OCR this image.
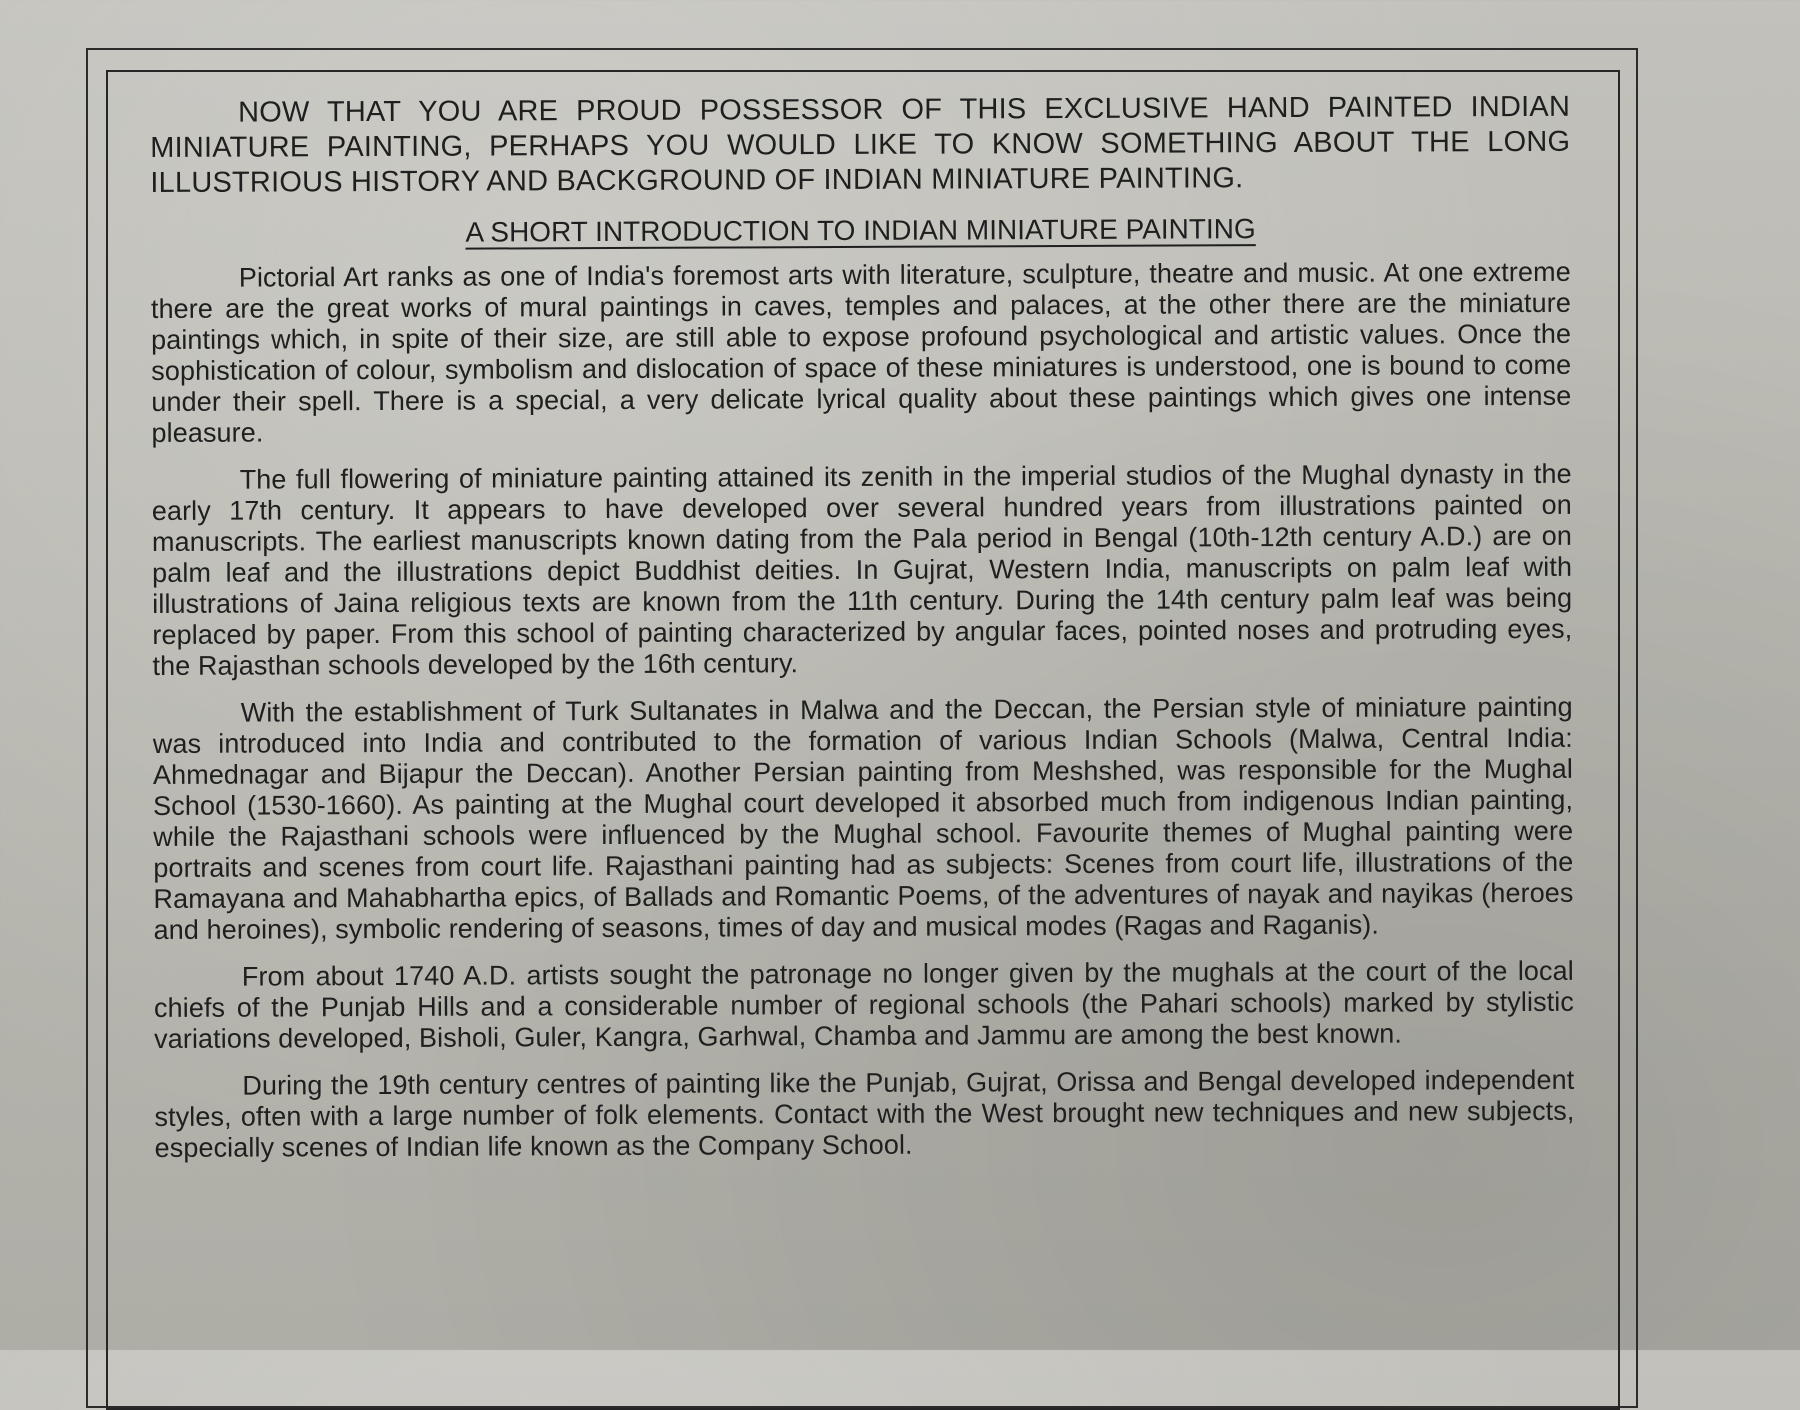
NOW THAT YOU ARE PROUD POSSESSOR OF THIS EXCLUSIVE HAND PAINTED INDIAN MINIATURE PAINTING, PERHAPS YOU WOULD LIKE TO KNOW SOMETHING ABOUT THE LONG ILLUSTRIOUS HISTORY AND BACKGROUND OF INDIAN MINIATURE PAINTING.

A SHORT INTRODUCTION TO INDIAN MINIATURE PAINTING

Pictorial Art ranks as one of India's foremost arts with literature, sculpture, theatre and music. At one extreme there are the great works of mural paintings in caves, temples and palaces, at the other there are the miniature paintings which, in spite of their size, are still able to expose profound psychological and artistic values. Once the sophistication of colour, symbolism and dislocation of space of these miniatures is understood, one is bound to come under their spell. There is a special, a very delicate lyrical quality about these paintings which gives one intense pleasure.

The full flowering of miniature painting attained its zenith in the imperial studios of the Mughal dynasty in the early 17th century. It appears to have developed over several hundred years from illustrations painted on manuscripts. The earliest manuscripts known dating from the Pala period in Bengal (10th-12th century A.D.) are on palm leaf and the illustrations depict Buddhist deities. In Gujrat, Western India, manuscripts on palm leaf with illustrations of Jaina religious texts are known from the 11th century. During the 14th century palm leaf was being replaced by paper. From this school of painting characterized by angular faces, pointed noses and protruding eyes, the Rajasthan schools developed by the 16th century.

With the establishment of Turk Sultanates in Malwa and the Deccan, the Persian style of miniature painting was introduced into India and contributed to the formation of various Indian Schools (Malwa, Central India: Ahmednagar and Bijapur the Deccan). Another Persian painting from Meshshed, was responsible for the Mughal School (1530-1660). As painting at the Mughal court developed it absorbed much from indigenous Indian painting, while the Rajasthani schools were influenced by the Mughal school. Favourite themes of Mughal painting were portraits and scenes from court life. Rajasthani painting had as subjects: Scenes from court life, illustrations of the Ramayana and Mahabhartha epics, of Ballads and Romantic Poems, of the adventures of nayak and nayikas (heroes and heroines), symbolic rendering of seasons, times of day and musical modes (Ragas and Raganis).

From about 1740 A.D. artists sought the patronage no longer given by the mughals at the court of the local chiefs of the Punjab Hills and a considerable number of regional schools (the Pahari schools) marked by stylistic variations developed, Bisholi, Guler, Kangra, Garhwal, Chamba and Jammu are among the best known.

During the 19th century centres of painting like the Punjab, Gujrat, Orissa and Bengal developed independent styles, often with a large number of folk elements. Contact with the West brought new techniques and new subjects, especially scenes of Indian life known as the Company School.
